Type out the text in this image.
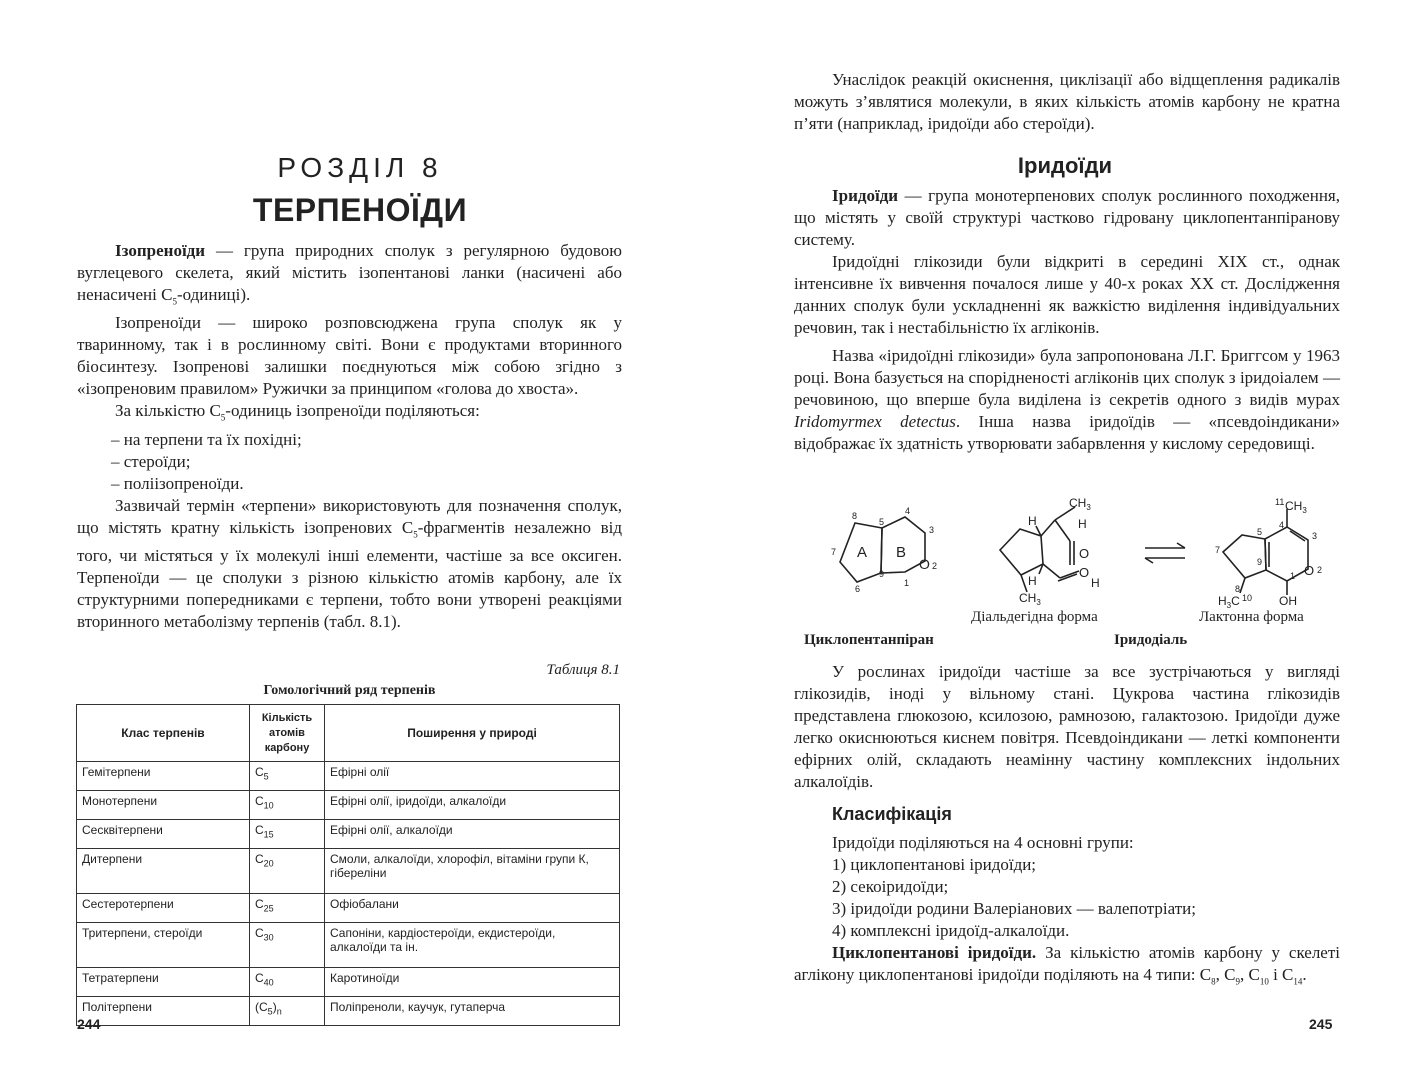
РОЗДІЛ 8
ТЕРПЕНОЇДИ

Ізопреноїди — група природних сполук з регулярною будовою вуглецевого скелета, який містить ізопентанові ланки (насичені або ненасичені $С_5-одиниці$).

Ізопреноїди — широко розповсюджена група сполук як у тваринному, так і в рослинному світі. Вони є продуктами вторинного біосинтезу. Ізопренові залишки поєднуються між собою згідно з «ізопреновим правилом» Ружички за принципом «голова до хвоста».

За кількістю $С_5$-одиниць ізопреноїди поділяються:

– на терпени та їх похідні;

– стероїди;

– поліізопреноїди.

Зазвичай термін «терпени» використовують для позначення сполук, що містять кратну кількість ізопренових $С_5$-фрагментів незалежно від того, чи містяться у їх молекулі інші елементи, частіше за все оксиген. Терпеноїди — це сполуки з різною кількістю атомів карбону, але їх структурними попередниками є терпени, тобто вони утворені реакціями вторинного метаболізму терпенів (табл. 8.1).

Таблиця 8.1
Гомологічний ряд терпенів
Клас терпенів	Кількість атомів карбону	Поширення у природі
Гемітерпени	$C_5$	Ефірні олії
Монотерпени	$C_{10}$	Ефірні олії, іридоїди, алкалоїди
Сесквітерпени	$C_{15}$	Ефірні олії, алкалоїди
Дитерпени	$C_{20}$	Смоли, алкалоїди, хлорофіл, вітаміни групи К, гібереліни
Сестеротерпени	$C_{25}$	Офіобалани
Тритерпени, стероїди	$C_{30}$	Сапоніни, кардіостероїди, екдистероїди, алкалоїди та ін.
Тетратерпени	$C_{40}$	Каротиноїди
Політерпени	$(C_5)_n$	Поліпреноли, каучук, гутаперча
244

Унаслідок реакцій окиснення, циклізації або відщеплення радикалів можуть з’являтися молекули, в яких кількість атомів карбону не кратна п’яти (наприклад, іридоїди або стероїди).

Іридоїди

Іридоїди — група монотерпенових сполук рослинного походження, що містять у своїй структурі частково гідровану циклопентанпіранову систему.

Іридоїдні глікозиди були відкриті в середині XIX ст., однак інтенсивне їх вивчення почалося лише у 40-х роках XX ст. Дослідження данних сполук були ускладненні як важкістю виділення індивідуальних речовин, так і нестабільністю їх агліконів.

Назва «іридоїдні глікозиди» була запропонована Л.Г. Бриггсом у 1963 році. Вона базується на спорідненості агліконів цих сполук з іридоіалем — речовиною, що вперше була виділена із секретів одного з видів мурах Iridomyrmex detectus. Інша назва іридоїдів — «псевдоіндикани» відображає їх здатність утворювати забарвлення у кислому середовищі.

A B
8
7
6
5
4
3
O 2
1
9
H
H
$CH_3$
H
O
O
H
$CH_3$
11 $CH_3$
4
3
O 2
5
9
1
OH
8
7
10
$H_3C$
Діальдегідна форма	Лактонна форма
Циклопентанпіран	Іридодіаль

У рослинах іридоїди частіше за все зустрічаються у вигляді глікозидів, іноді у вільному стані. Цукрова частина глікозидів представлена глюкозою, ксилозою, рамнозою, галактозою. Іридоїди дуже легко окиснюються киснем повітря. Псевдоіндикани — леткі компоненти ефірних олій, складають неамінну частину комплексних індольних алкалоїдів.

Класифікація

Іридоїди поділяються на 4 основні групи:

1) циклопентанові іридоїди;

2) секоіридоїди;

3) іридоїди родини Валеріанових — валепотріати;

4) комплексні іридоїд-алкалоїди.

Циклопентанові іридоїди. За кількістю атомів карбону у скелеті аглікону циклопентанові іридоїди поділяють на 4 типи: $C_8$, $C_9$, $C_{10}$ і $C_{14}$.

245
